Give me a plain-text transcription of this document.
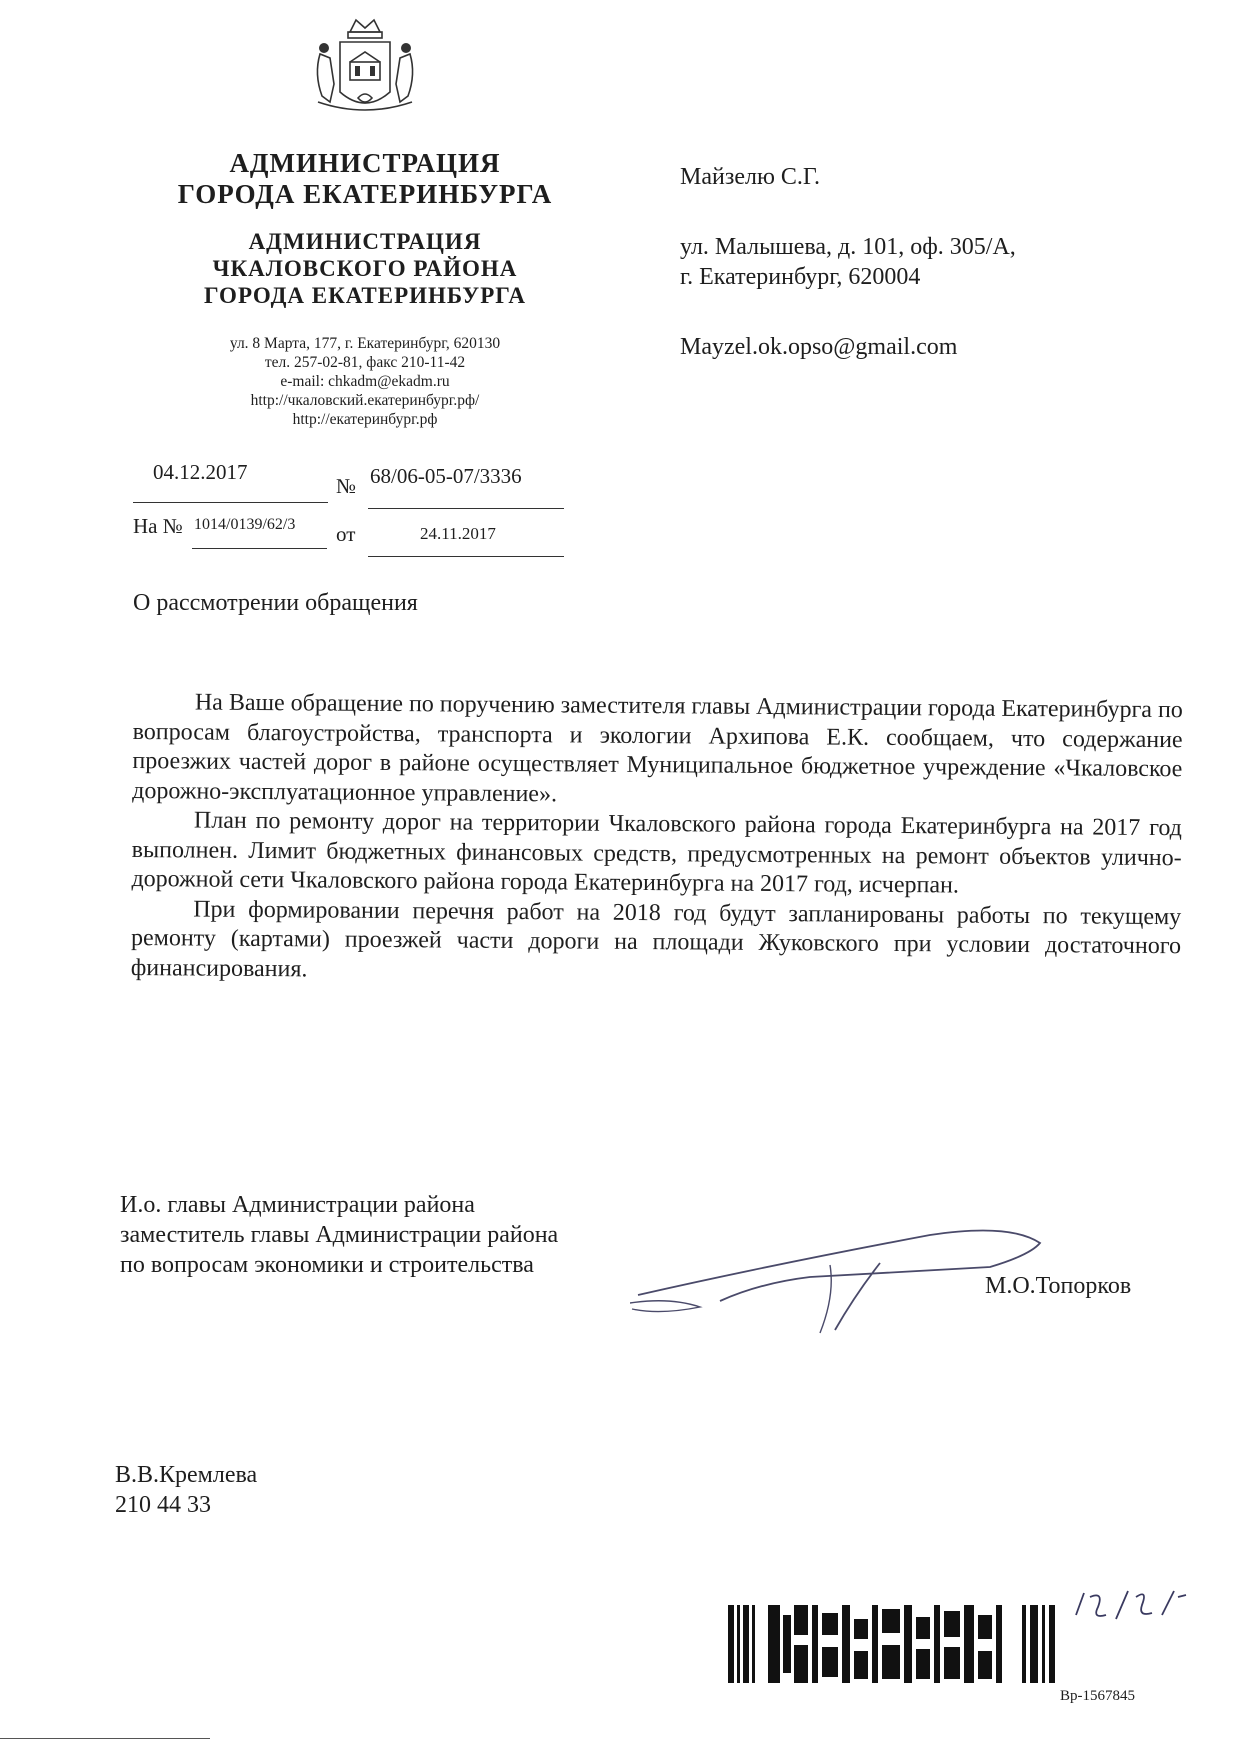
АДМИНИСТРАЦИЯ
ГОРОДА ЕКАТЕРИНБУРГА
АДМИНИСТРАЦИЯ
ЧКАЛОВСКОГО РАЙОНА
ГОРОДА ЕКАТЕРИНБУРГА
ул. 8 Марта, 177, г. Екатеринбург, 620130
тел. 257-02-81, факс 210-11-42
e-mail: chkadm@ekadm.ru
http://чкаловский.екатеринбург.рф/
http://екатеринбург.рф
04.12.2017
№ 68/06-05-07/3336
На № 1014/0139/62/3 от	24.11.2017
Майзелю С.Г.
ул. Малышева, д. 101, оф. 305/А,
г. Екатеринбург, 620004
Mayzel.ok.opso@gmail.com
О рассмотрении обращения

На Ваше обращение по поручению заместителя главы Администрации города Екатеринбурга по вопросам благоустройства, транспорта и экологии Архипова Е.К. сообщаем, что содержание проезжих частей дорог в районе осуществляет Муниципальное бюджетное учреждение «Чкаловское дорожно-эксплуатационное управление».

План по ремонту дорог на территории Чкаловского района города Екатеринбурга на 2017 год выполнен. Лимит бюджетных финансовых средств, предусмотренных на ремонт объектов улично-дорожной сети Чкаловского района города Екатеринбурга на 2017 год, исчерпан.

При формировании перечня работ на 2018 год будут запланированы работы по текущему ремонту (картами) проезжей части дороги на площади Жуковского при условии достаточного финансирования.

И.о. главы Администрации района
заместитель главы Администрации района
по вопросам экономики и строительства
М.О.Топорков
В.В.Кремлева
210 44 33
Вр-1567845
